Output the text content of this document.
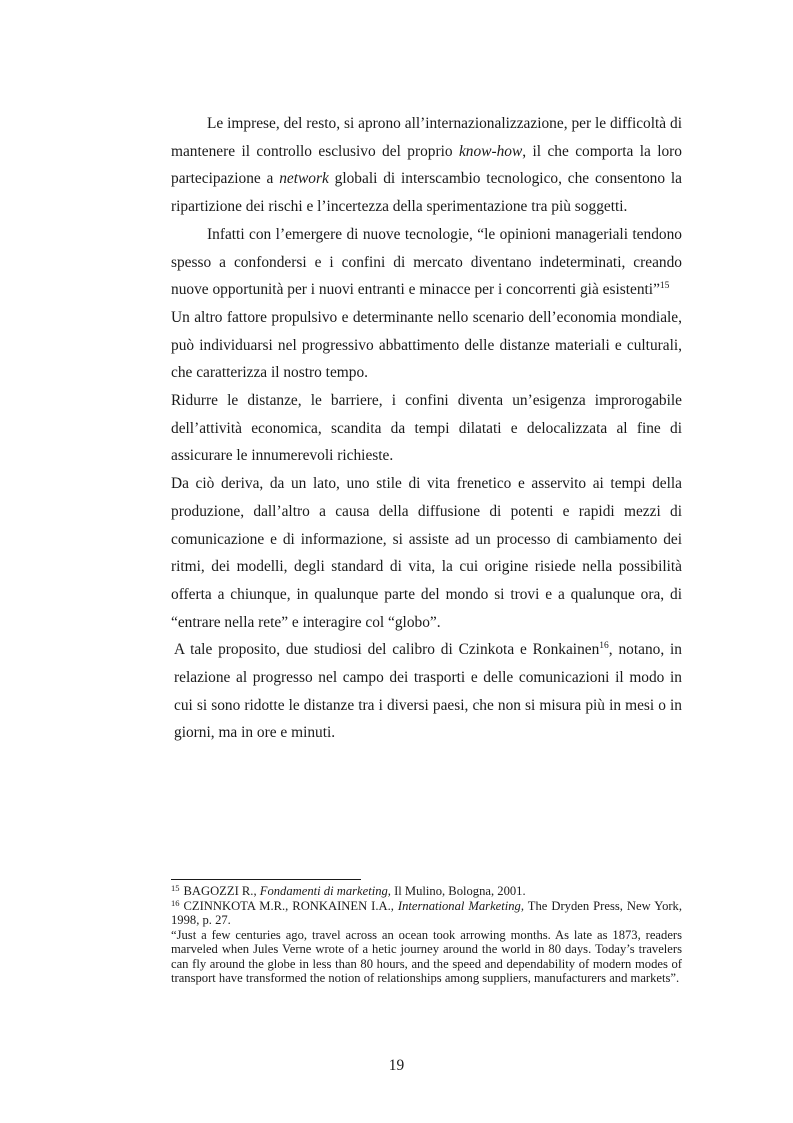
Le imprese, del resto, si aprono all’internazionalizzazione, per le difficoltà di mantenere il controllo esclusivo del proprio know-how, il che comporta la loro partecipazione a network globali di interscambio tecnologico, che consentono la ripartizione dei rischi e l’incertezza della sperimentazione tra più soggetti.

Infatti con l’emergere di nuove tecnologie, “le opinioni manageriali tendono spesso a confondersi e i confini di mercato diventano indeterminati, creando nuove opportunità per i nuovi entranti e minacce per i concorrenti già esistenti”$^{15}$

Un altro fattore propulsivo e determinante nello scenario dell’economia mondiale, può individuarsi nel progressivo abbattimento delle distanze materiali e culturali, che caratterizza il nostro tempo.

Ridurre le distanze, le barriere, i confini diventa un’esigenza improrogabile dell’attività economica, scandita da tempi dilatati e delocalizzata al fine di assicurare le innumerevoli richieste.

Da ciò deriva, da un lato, uno stile di vita frenetico e asservito ai tempi della produzione, dall’altro a causa della diffusione di potenti e rapidi mezzi di comunicazione e di informazione, si assiste ad un processo di cambiamento dei ritmi, dei modelli, degli standard di vita, la cui origine risiede nella possibilità offerta a chiunque, in qualunque parte del mondo si trovi e a qualunque ora, di “entrare nella rete” e interagire col “globo”.

A tale proposito, due studiosi del calibro di Czinkota e Ronkainen$^{16}$, notano, in relazione al progresso nel campo dei trasporti e delle comunicazioni il modo in cui si sono ridotte le distanze tra i diversi paesi, che non si misura più in mesi o in giorni, ma in ore e minuti.

$^{15}$ BAGOZZI R., Fondamenti di marketing, Il Mulino, Bologna, 2001.

$^{16}$ CZINNKOTA M.R., RONKAINEN I.A., International Marketing, The Dryden Press, New York, 1998, p. 27.

“Just a few centuries ago, travel across an ocean took arrowing months. As late as 1873, readers marveled when Jules Verne wrote of a hetic journey around the world in 80 days. Today’s travelers can fly around the globe in less than 80 hours, and the speed and dependability of modern modes of transport have transformed the notion of relationships among suppliers, manufacturers and markets”.

19
